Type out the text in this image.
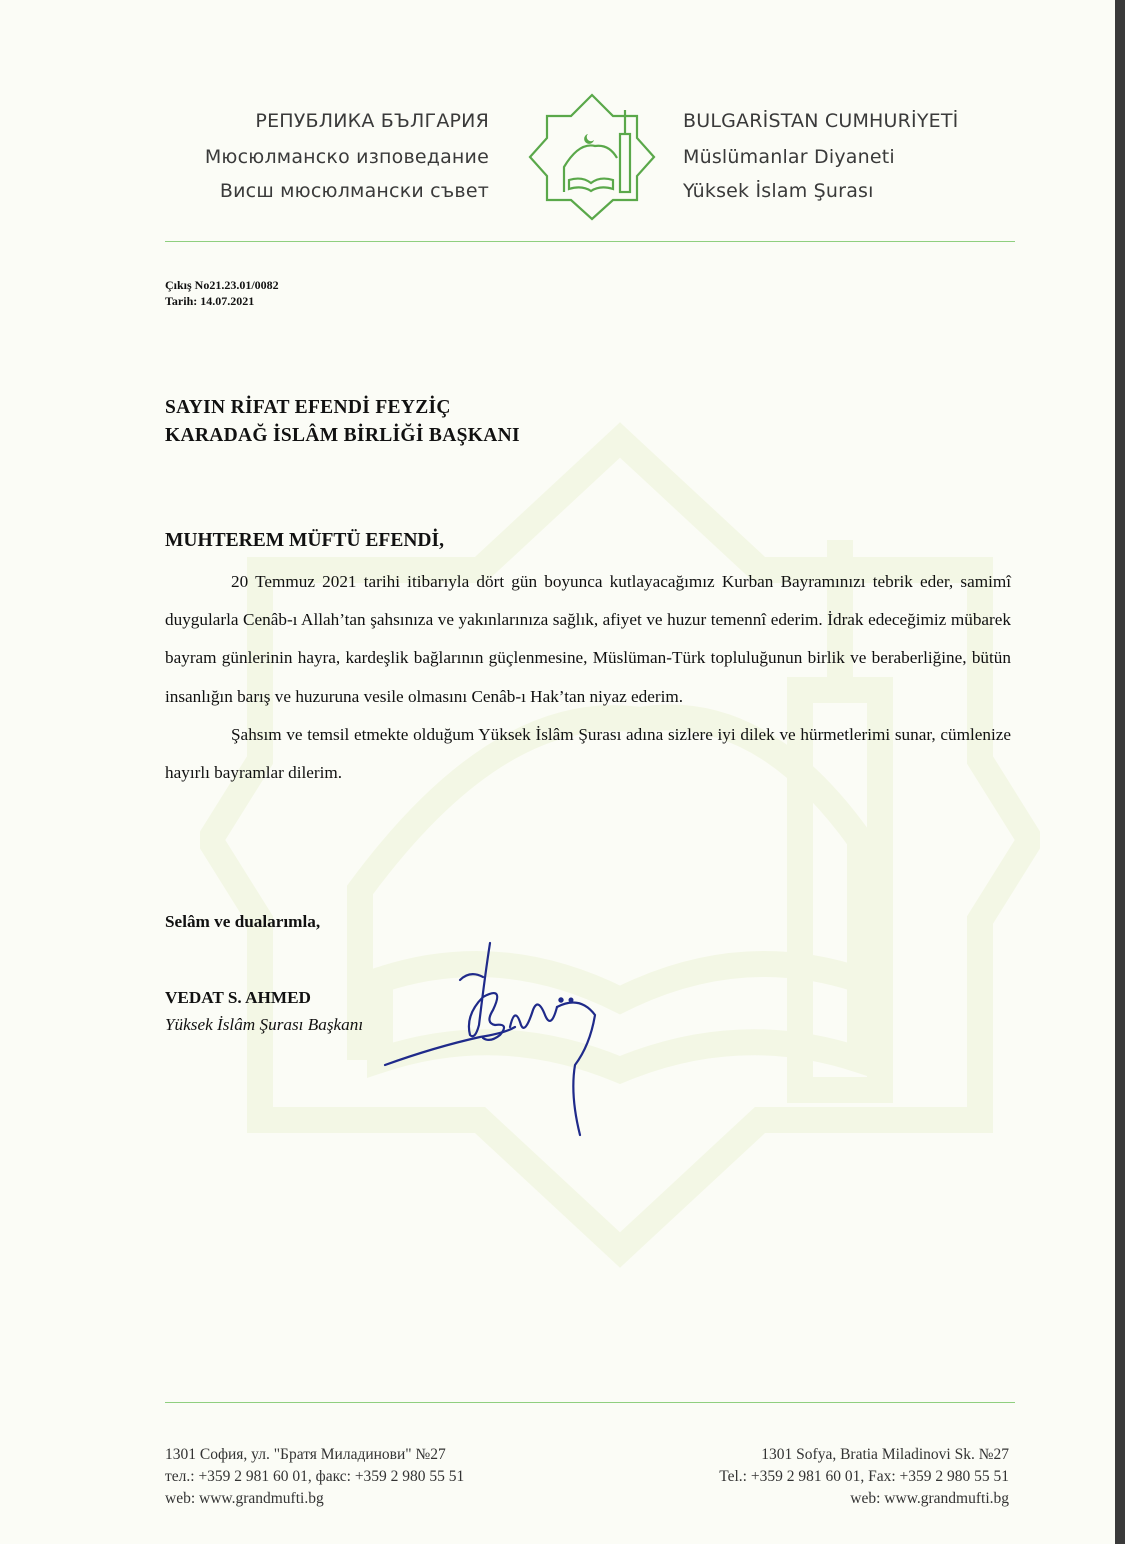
РЕПУБЛИКА БЪЛГАРИЯ
Мюсюлманско изповедание
Висш мюсюлмански съвет
BULGARİSTAN CUMHURİYETİ
Müslümanlar Diyaneti
Yüksek İslam Şurası
Çıkış No21.23.01/0082
Tarih: 14.07.2021
SAYIN RİFAT EFENDİ FEYZİÇ
KARADAĞ İSLÂM BİRLİĞİ BAŞKANI
MUHTEREM MÜFTÜ EFENDİ,

20 Temmuz 2021 tarihi itibarıyla dört gün boyunca kutlayacağımız Kurban Bayramınızı tebrik eder, samimî duygularla Cenâb-ı Allah’tan şahsınıza ve yakınlarınıza sağlık, afiyet ve huzur temennî ederim. İdrak edeceğimiz mübarek bayram günlerinin hayra, kardeşlik bağlarının güçlenmesine, Müslüman-Türk topluluğunun birlik ve beraberliğine, bütün insanlığın barış ve huzuruna vesile olmasını Cenâb-ı Hak’tan niyaz ederim.

Şahsım ve temsil etmekte olduğum Yüksek İslâm Şurası adına sizlere iyi dilek ve hürmetlerimi sunar, cümlenize hayırlı bayramlar dilerim.

Selâm ve dualarımla,
VEDAT S. AHMED
Yüksek İslâm Şurası Başkanı
1301 София, ул. "Братя Миладинови" №27
тел.: +359 2 981 60 01, факс: +359 2 980 55 51
web: www.grandmufti.bg
1301 Sofya, Bratia Miladinovi Sk. №27
Tel.: +359 2 981 60 01, Fax: +359 2 980 55 51
web: www.grandmufti.bg
